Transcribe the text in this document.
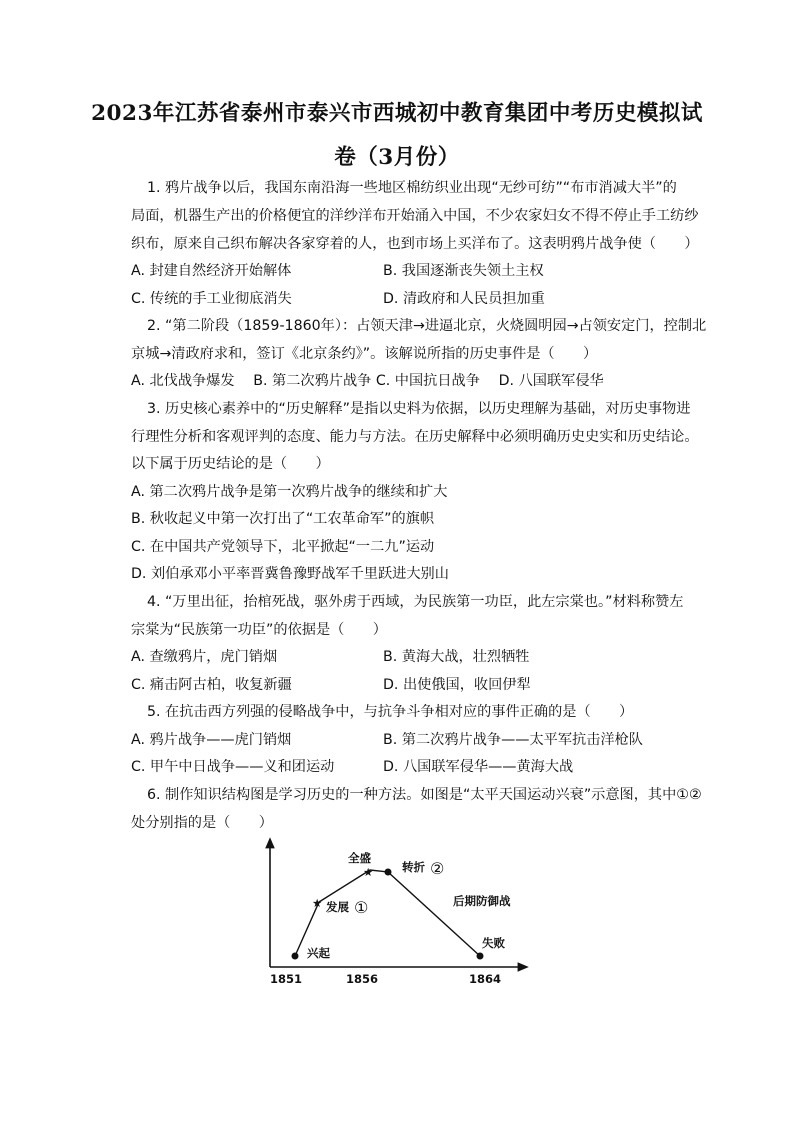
2023年江苏省泰州市泰兴市西城初中教育集团中考历史模拟试
卷（3月份）
1. 鸦片战争以后，我国东南沿海一些地区棉纺织业出现“无纱可纺”“布市消减大半”的
局面，机器生产出的价格便宜的洋纱洋布开始涌入中国，不少农家妇女不得不停止手工纺纱
织布，原来自己织布解决各家穿着的人，也到市场上买洋布了。这表明鸦片战争使（　　）
A. 封建自然经济开始解体	B. 我国逐渐丧失领土主权
C. 传统的手工业彻底消失	D. 清政府和人民员担加重
2. “第二阶段（1859-1860年）：占领天津→进逼北京，火烧圆明园→占领安定门，控制北
京城→清政府求和，签订《北京条约》”。该解说所指的历史事件是（　　）
A. 北伐战争爆发　 B. 第二次鸦片战争 C. 中国抗日战争　 D. 八国联军侵华
3. 历史核心素养中的“历史解释”是指以史料为依据，以历史理解为基础，对历史事物进
行理性分析和客观评判的态度、能力与方法。在历史解释中必须明确历史史实和历史结论。
以下属于历史结论的是（　　）
A. 第二次鸦片战争是第一次鸦片战争的继续和扩大
B. 秋收起义中第一次打出了“工农革命军”的旗帜
C. 在中国共产党领导下，北平掀起“一二九”运动
D. 刘伯承邓小平率晋冀鲁豫野战军千里跃进大别山
4. “万里出征，抬棺死战，驱外虏于西域，为民族第一功臣，此左宗棠也。”材料称赞左
宗棠为“民族第一功臣”的依据是（　　）
A. 查缴鸦片，虎门销烟	B. 黄海大战，壮烈牺牲
C. 痛击阿古柏，收复新疆	D. 出使俄国，收回伊犁
5. 在抗击西方列强的侵略战争中，与抗争斗争相对应的事件正确的是（　　）
A. 鸦片战争——虎门销烟	B. 第二次鸦片战争——太平军抗击洋枪队
C. 甲午中日战争——义和团运动	D. 八国联军侵华——黄海大战
6. 制作知识结构图是学习历史的一种方法。如图是“太平天国运动兴衰”示意图，其中①②
处分别指的是（　　）
★
★
兴起
发展 ①
全盛
转折 ②
后期防御战
失败
1851	1856	1864
